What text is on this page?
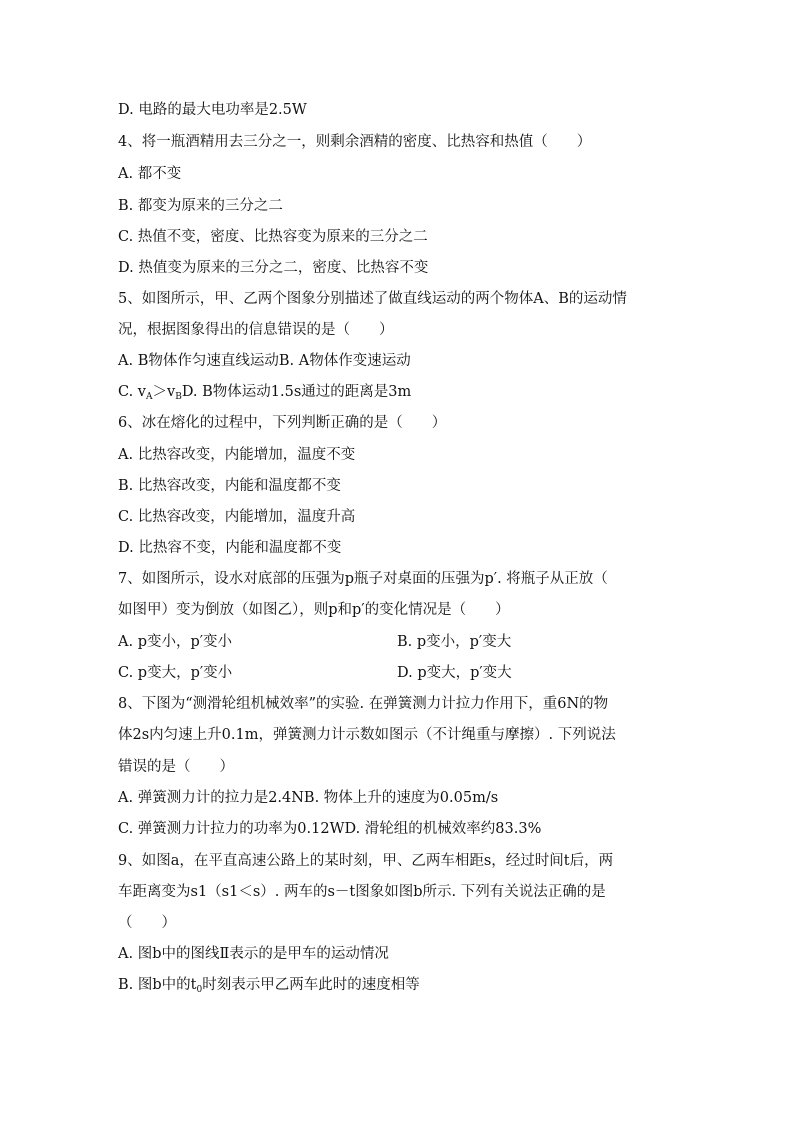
D. 电路的最大电功率是2.5W
4、将一瓶酒精用去三分之一，则剩余酒精的密度、比热容和热值（　　）
A. 都不变
B. 都变为原来的三分之二
C. 热值不变，密度、比热容变为原来的三分之二
D. 热值变为原来的三分之二，密度、比热容不变
5、如图所示，甲、乙两个图象分别描述了做直线运动的两个物体A、B的运动情
况，根据图象得出的信息错误的是（　　）
A. B物体作匀速直线运动B. A物体作变速运动
C. $v_A>v_BD$. B物体运动1.5s通过的距离是3m
6、冰在熔化的过程中，下列判断正确的是（　　）
A. 比热容改变，内能增加，温度不变
B. 比热容改变，内能和温度都不变
C. 比热容改变，内能增加，温度升高
D. 比热容不变，内能和温度都不变
7、如图所示，设水对底部的压强为p瓶子对桌面的压强为p′. 将瓶子从正放（
如图甲）变为倒放（如图乙），则p和p′的变化情况是（　　）
A. p变小，p′变小	B. p变小，p′变大
C. p变大，p′变小	D. p变大，p′变大
8、下图为“测滑轮组机械效率”的实验. 在弹簧测力计拉力作用下，重6N的物
体2s内匀速上升0.1m，弹簧测力计示数如图示（不计绳重与摩擦）. 下列说法
错误的是（　　）
A. 弹簧测力计的拉力是2.4NB. 物体上升的速度为0.05m/s
C. 弹簧测力计拉力的功率为0.12WD. 滑轮组的机械效率约83.3%
9、如图a，在平直高速公路上的某时刻，甲、乙两车相距s，经过时间t后，两
车距离变为s1（s1＜s）. 两车的s－t图象如图b所示. 下列有关说法正确的是
（　　）
A. 图b中的图线Ⅱ表示的是甲车的运动情况
B. 图b中的$t_0$时刻表示甲乙两车此时的速度相等
